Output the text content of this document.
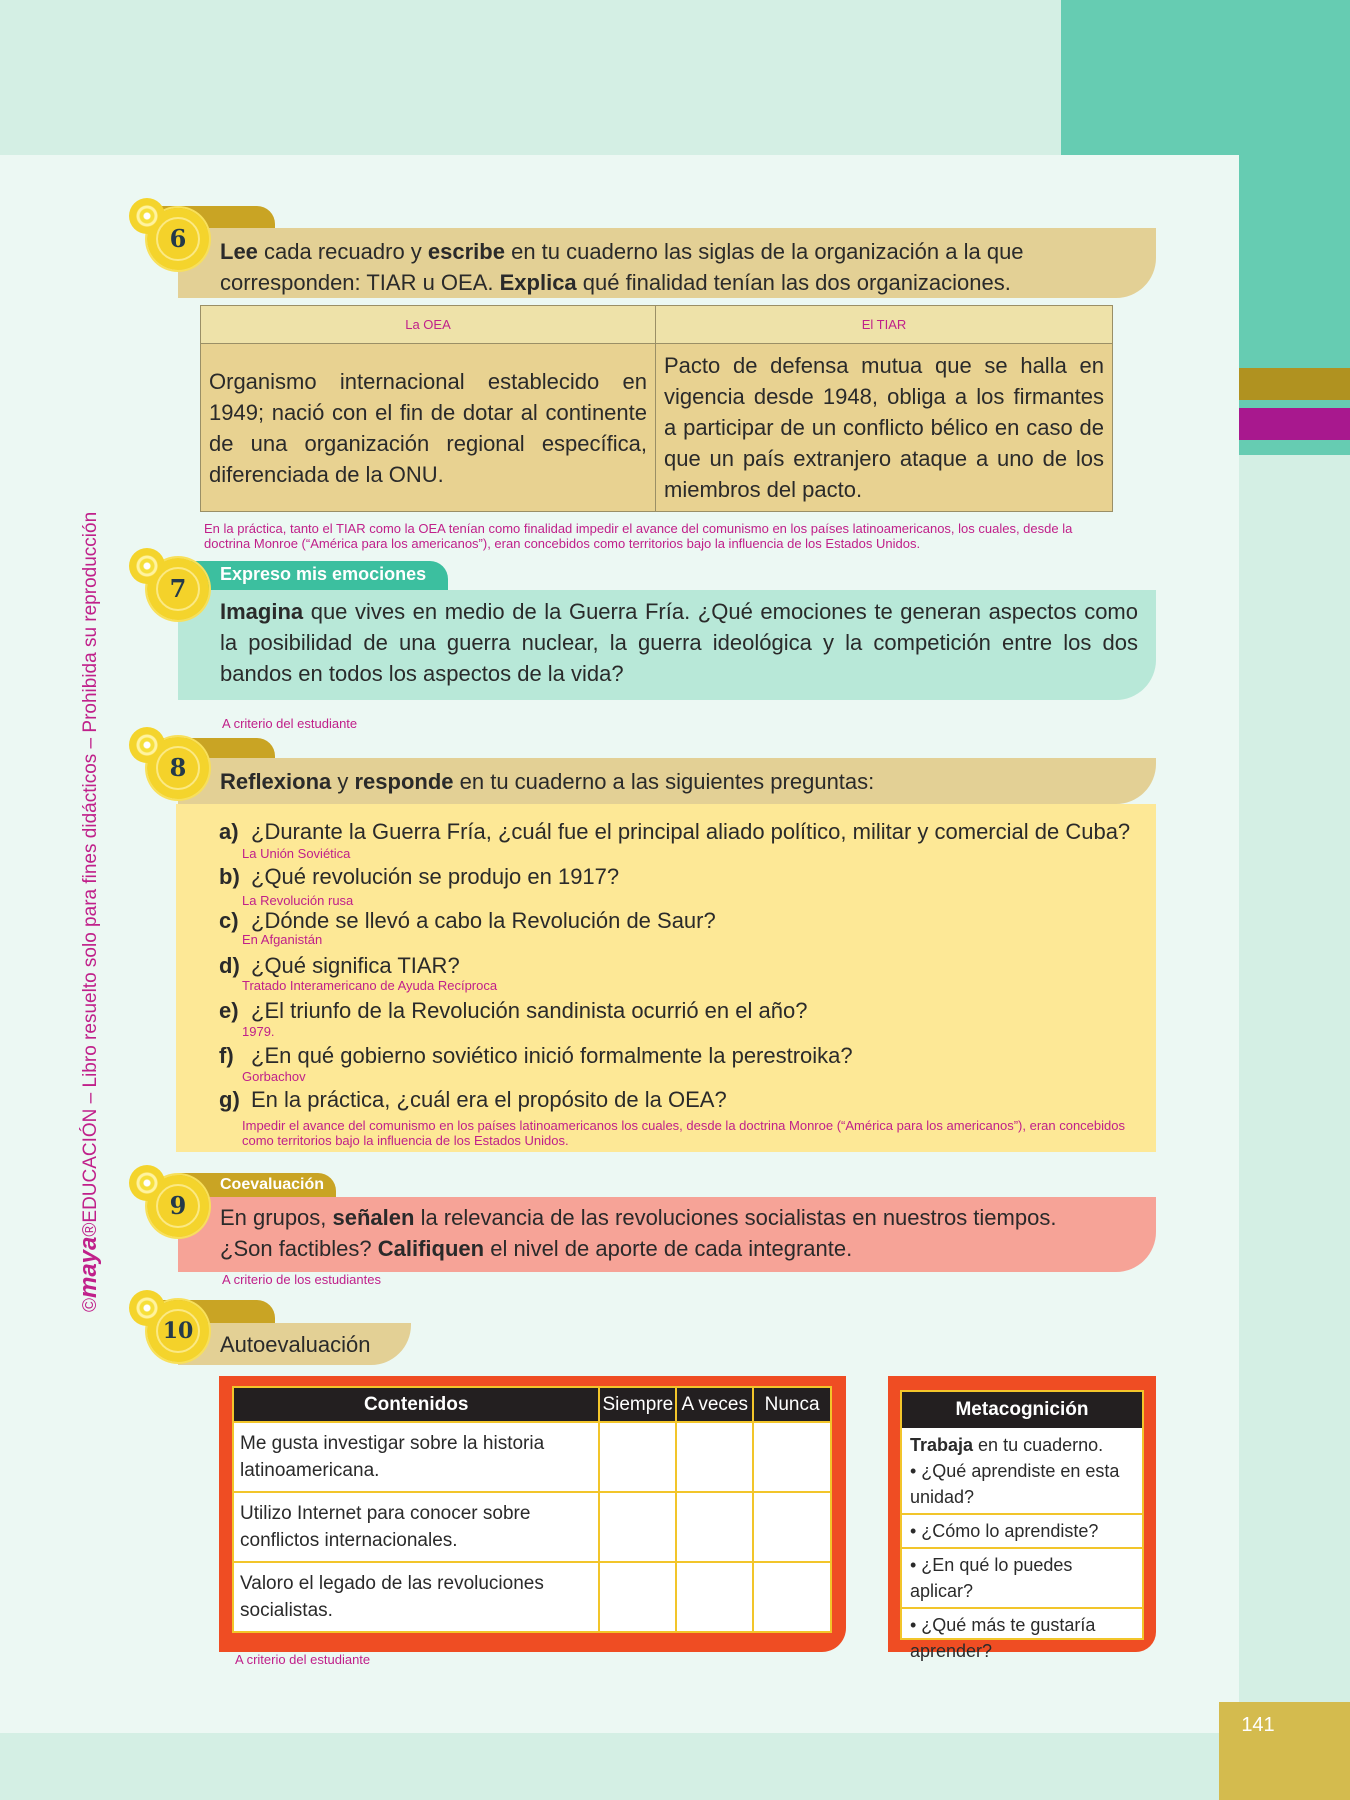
141
©maya®EDUCACIÓN – Libro resuelto solo para fines didácticos – Prohibida su reproducción
Lee cada recuadro y escribe en tu cuaderno las siglas de la organización a la que corresponden: TIAR u OEA. Explica qué finalidad tenían las dos organizaciones.
6
La OEA	El TIAR
Organismo internacional establecido en 1949; nació con el fin de dotar al continente de una organización regional específica, diferenciada de la ONU.	Pacto de defensa mutua que se halla en vigencia desde 1948, obliga a los firmantes a participar de un conflicto bélico en caso de que un país extranjero ataque a uno de los miembros del pacto.
En la práctica, tanto el TIAR como la OEA tenían como finalidad impedir el avance del comunismo en los países latinoamericanos, los cuales, desde la doctrina Monroe (“América para los americanos”), eran concebidos como territorios bajo la influencia de los Estados Unidos.
Expreso mis emociones
Imagina que vives en medio de la Guerra Fría. ¿Qué emociones te generan aspectos como la posibilidad de una guerra nuclear, la guerra ideológica y la competición entre los dos bandos en todos los aspectos de la vida?
7
A criterio del estudiante
Reflexiona y responde en tu cuaderno a las siguientes preguntas:
8
a) ¿Durante la Guerra Fría, ¿cuál fue el principal aliado político, militar y comercial de Cuba?
La Unión Soviética
b) ¿Qué revolución se produjo en 1917?
La Revolución rusa
c) ¿Dónde se llevó a cabo la Revolución de Saur?
En Afganistán
d) ¿Qué significa TIAR?
Tratado Interamericano de Ayuda Recíproca
e) ¿El triunfo de la Revolución sandinista ocurrió en el año?
1979.
f) ¿En qué gobierno soviético inició formalmente la perestroika?
Gorbachov
g) En la práctica, ¿cuál era el propósito de la OEA?
Impedir el avance del comunismo en los países latinoamericanos los cuales, desde la doctrina Monroe (“América para los americanos”), eran concebidos como territorios bajo la influencia de los Estados Unidos.
Coevaluación
En grupos, señalen la relevancia de las revoluciones socialistas en nuestros tiempos.
¿Son factibles? Califiquen el nivel de aporte de cada integrante.
9
A criterio de los estudiantes
Autoevaluación
10
Contenidos	Siempre	A veces	Nunca
Me gusta investigar sobre la historia latinoamericana.			
Utilizo Internet para conocer sobre conflictos internacionales.			
Valoro el legado de las revoluciones socialistas.			
A criterio del estudiante
Metacognición
Trabaja en tu cuaderno.
• ¿Qué aprendiste en esta unidad?
• ¿Cómo lo aprendiste?
• ¿En qué lo puedes aplicar?
• ¿Qué más te gustaría aprender?
